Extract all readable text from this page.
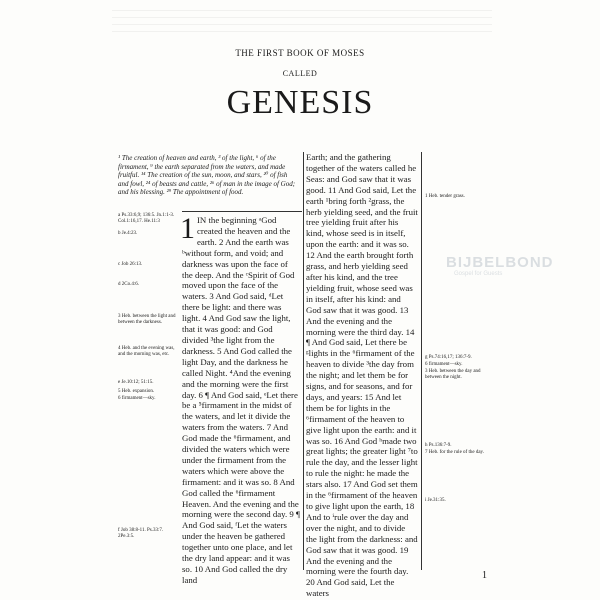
THE FIRST BOOK OF MOSES
CALLED
GENESIS
¹ The creation of heaven and earth, ³ of the light, ⁶ of the firmament, ⁹ the earth separated from the waters, and made fruitful. ¹⁴ The creation of the sun, moon, and stars, ²⁰ of fish and fowl, ²⁴ of beasts and cattle, ²⁶ of man in the image of God; and his blessing. ²⁹ The appointment of food.
1 IN the beginning ᵃGod created the heaven and the earth. 2 And the earth was ᵇwithout form, and void; and darkness was upon the face of the deep. And the ᶜSpirit of God moved upon the face of the waters. 3 And God said, ᵈLet there be light: and there was light. 4 And God saw the light, that it was good: and God divided ³the light from the darkness. 5 And God called the light Day, and the darkness he called Night. ⁴And the evening and the morning were the first day. 6 ¶ And God said, ᵉLet there be a ⁵firmament in the midst of the waters, and let it divide the waters from the waters. 7 And God made the ⁶firmament, and divided the waters which were under the firmament from the waters which were above the firmament: and it was so. 8 And God called the ⁶firmament Heaven. And the evening and the morning were the second day. 9 ¶ And God said, ᶠLet the waters under the heaven be gathered together unto one place, and let the dry land appear: and it was so. 10 And God called the dry land

Earth; and the gathering together of the waters called he Seas: and God saw that it was good. 11 And God said, Let the earth ¹bring forth ²grass, the herb yielding seed, and the fruit tree yielding fruit after his kind, whose seed is in itself, upon the earth: and it was so. 12 And the earth brought forth grass, and herb yielding seed after his kind, and the tree yielding fruit, whose seed was in itself, after his kind: and God saw that it was good. 13 And the evening and the morning were the third day. 14 ¶ And God said, Let there be ᵍlights in the ⁶firmament of the heaven to divide ³the day from the night; and let them be for signs, and for seasons, and for days, and years: 15 And let them be for lights in the ⁶firmament of the heaven to give light upon the earth: and it was so. 16 And God ʰmade two great lights; the greater light ⁷to rule the day, and the lesser light to rule the night: he made the stars also. 17 And God set them in the ⁶firmament of the heaven to give light upon the earth, 18 And to ⁱrule over the day and over the night, and to divide the light from the darkness: and God saw that it was good. 19 And the evening and the morning were the fourth day. 20 And God said, Let the waters

a Ps.33:6,9; 136:5. Jn.1:1-3. Col.1:16,17. He.11:3
b Je.4:23.
c Job 26:13.
d 2Co.4:6.
3 Heb. between the light and between the darkness.
4 Heb. and the evening was, and the morning was, etc.
e Je.10:12; 51:15.
5 Heb. expansion.
6 firmament—sky.
f Job 38:8-11. Ps.33:7. 2Pe.3:5.
1 Heb. tender grass.
g Ps.74:16,17; 136:7-9.
6 firmament—sky.
3 Heb. between the day and between the night.
h Ps.136:7-9.
7 Heb. for the rule of the day.
i Je.31:35.
BIJBELBOND
Gospel for Guests
1
